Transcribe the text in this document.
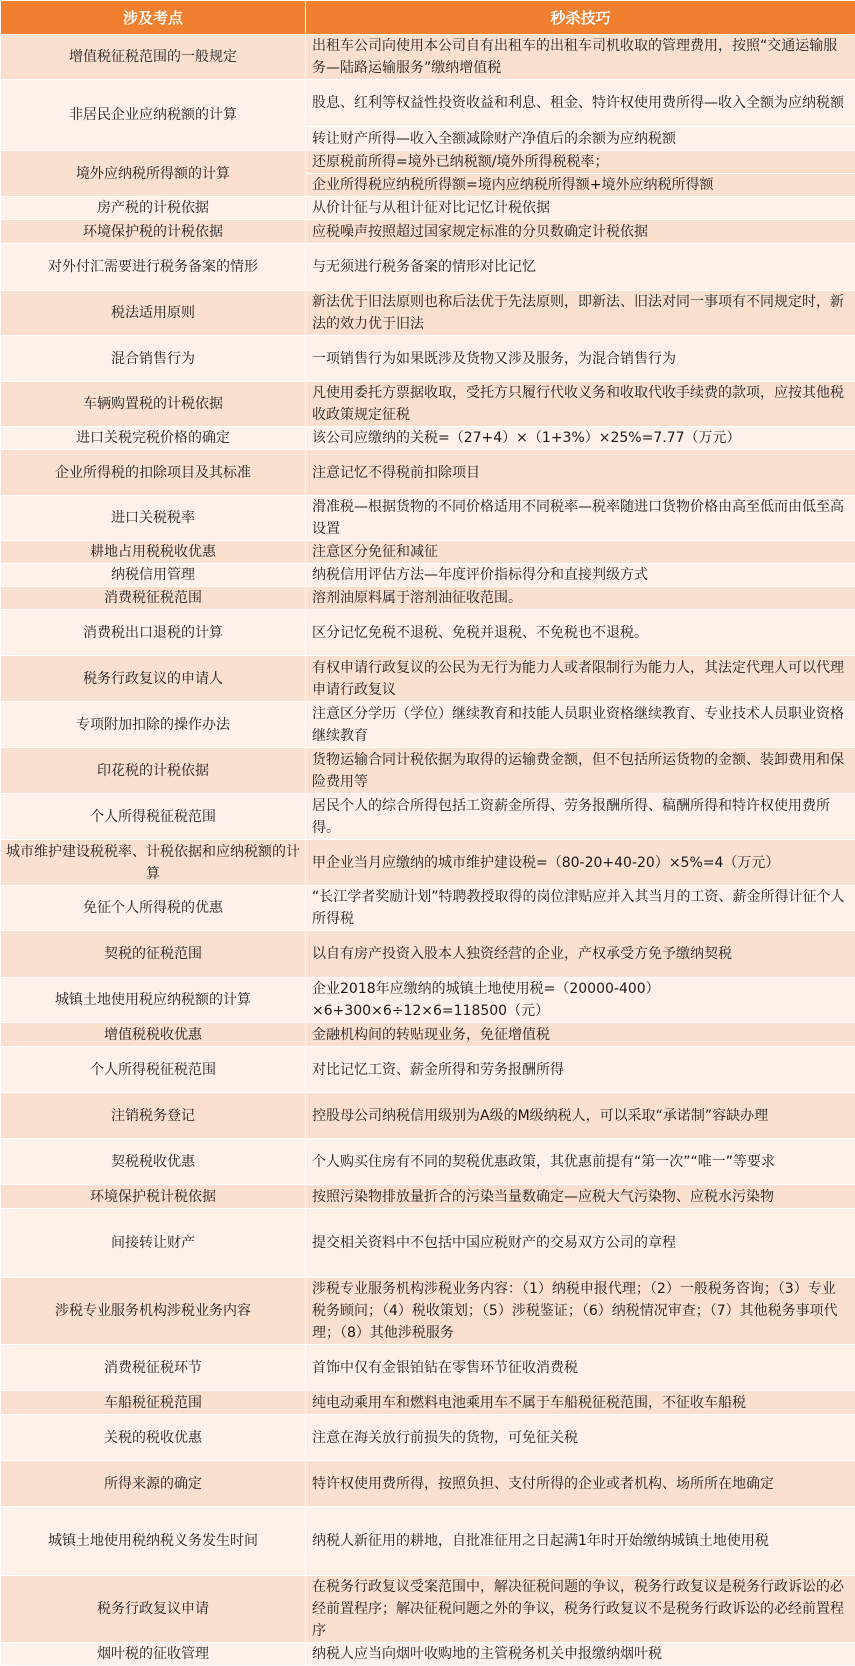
涉及考点	秒杀技巧
增值税征税范围的一般规定	出租车公司向使用本公司自有出租车的出租车司机收取的管理费用，按照“交通运输服务—陆路运输服务”缴纳增值税
非居民企业应纳税额的计算	股息、红利等权益性投资收益和利息、租金、特许权使用费所得—收入全额为应纳税额
	转让财产所得—收入全额减除财产净值后的余额为应纳税额
境外应纳税所得额的计算	还原税前所得=境外已纳税额/境外所得税税率；
	企业所得税应纳税所得额=境内应纳税所得额+境外应纳税所得额
房产税的计税依据	从价计征与从租计征对比记忆计税依据
环境保护税的计税依据	应税噪声按照超过国家规定标准的分贝数确定计税依据
对外付汇需要进行税务备案的情形	与无须进行税务备案的情形对比记忆
税法适用原则	新法优于旧法原则也称后法优于先法原则，即新法、旧法对同一事项有不同规定时，新法的效力优于旧法
混合销售行为	一项销售行为如果既涉及货物又涉及服务，为混合销售行为
车辆购置税的计税依据	凡使用委托方票据收取，受托方只履行代收义务和收取代收手续费的款项，应按其他税收政策规定征税
进口关税完税价格的确定	该公司应缴纳的关税=（27+4）×（1+3%）×25%=7.77（万元）
企业所得税的扣除项目及其标准	注意记忆不得税前扣除项目
进口关税税率	滑准税—根据货物的不同价格适用不同税率—税率随进口货物价格由高至低而由低至高设置
耕地占用税税收优惠	注意区分免征和减征
纳税信用管理	纳税信用评估方法—年度评价指标得分和直接判级方式
消费税征税范围	溶剂油原料属于溶剂油征收范围。
消费税出口退税的计算	区分记忆免税不退税、免税并退税、不免税也不退税。
税务行政复议的申请人	有权申请行政复议的公民为无行为能力人或者限制行为能力人，其法定代理人可以代理申请行政复议
专项附加扣除的操作办法	注意区分学历（学位）继续教育和技能人员职业资格继续教育、专业技术人员职业资格继续教育
印花税的计税依据	货物运输合同计税依据为取得的运输费金额，但不包括所运货物的金额、装卸费用和保险费用等
个人所得税征税范围	居民个人的综合所得包括工资薪金所得、劳务报酬所得、稿酬所得和特许权使用费所得。
城市维护建设税税率、计税依据和应纳税额的计算	甲企业当月应缴纳的城市维护建设税=（80-20+40-20）×5%=4（万元）
免征个人所得税的优惠	“长江学者奖励计划”特聘教授取得的岗位津贴应并入其当月的工资、薪金所得计征个人所得税
契税的征税范围	以自有房产投资入股本人独资经营的企业，产权承受方免予缴纳契税
城镇土地使用税应纳税额的计算	企业2018年应缴纳的城镇土地使用税=（20000-400）×6+300×6÷12×6=118500（元）
增值税税收优惠	金融机构间的转贴现业务，免征增值税
个人所得税征税范围	对比记忆工资、薪金所得和劳务报酬所得
注销税务登记	控股母公司纳税信用级别为A级的M级纳税人，可以采取“承诺制”容缺办理
契税税收优惠	个人购买住房有不同的契税优惠政策，其优惠前提有“第一次”“唯一”等要求
环境保护税计税依据	按照污染物排放量折合的污染当量数确定—应税大气污染物、应税水污染物
间接转让财产	提交相关资料中不包括中国应税财产的交易双方公司的章程
涉税专业服务机构涉税业务内容	涉税专业服务机构涉税业务内容：（1）纳税申报代理；（2）一般税务咨询；（3）专业税务顾问；（4）税收策划；（5）涉税鉴证；（6）纳税情况审查；（7）其他税务事项代理；（8）其他涉税服务
消费税征税环节	首饰中仅有金银铂钻在零售环节征收消费税
车船税征税范围	纯电动乘用车和燃料电池乘用车不属于车船税征税范围，不征收车船税
关税的税收优惠	注意在海关放行前损失的货物，可免征关税
所得来源的确定	特许权使用费所得，按照负担、支付所得的企业或者机构、场所所在地确定
城镇土地使用税纳税义务发生时间	纳税人新征用的耕地，自批准征用之日起满1年时开始缴纳城镇土地使用税
税务行政复议申请	在税务行政复议受案范围中，解决征税问题的争议，税务行政复议是税务行政诉讼的必经前置程序；解决征税问题之外的争议，税务行政复议不是税务行政诉讼的必经前置程序
烟叶税的征收管理	纳税人应当向烟叶收购地的主管税务机关申报缴纳烟叶税
